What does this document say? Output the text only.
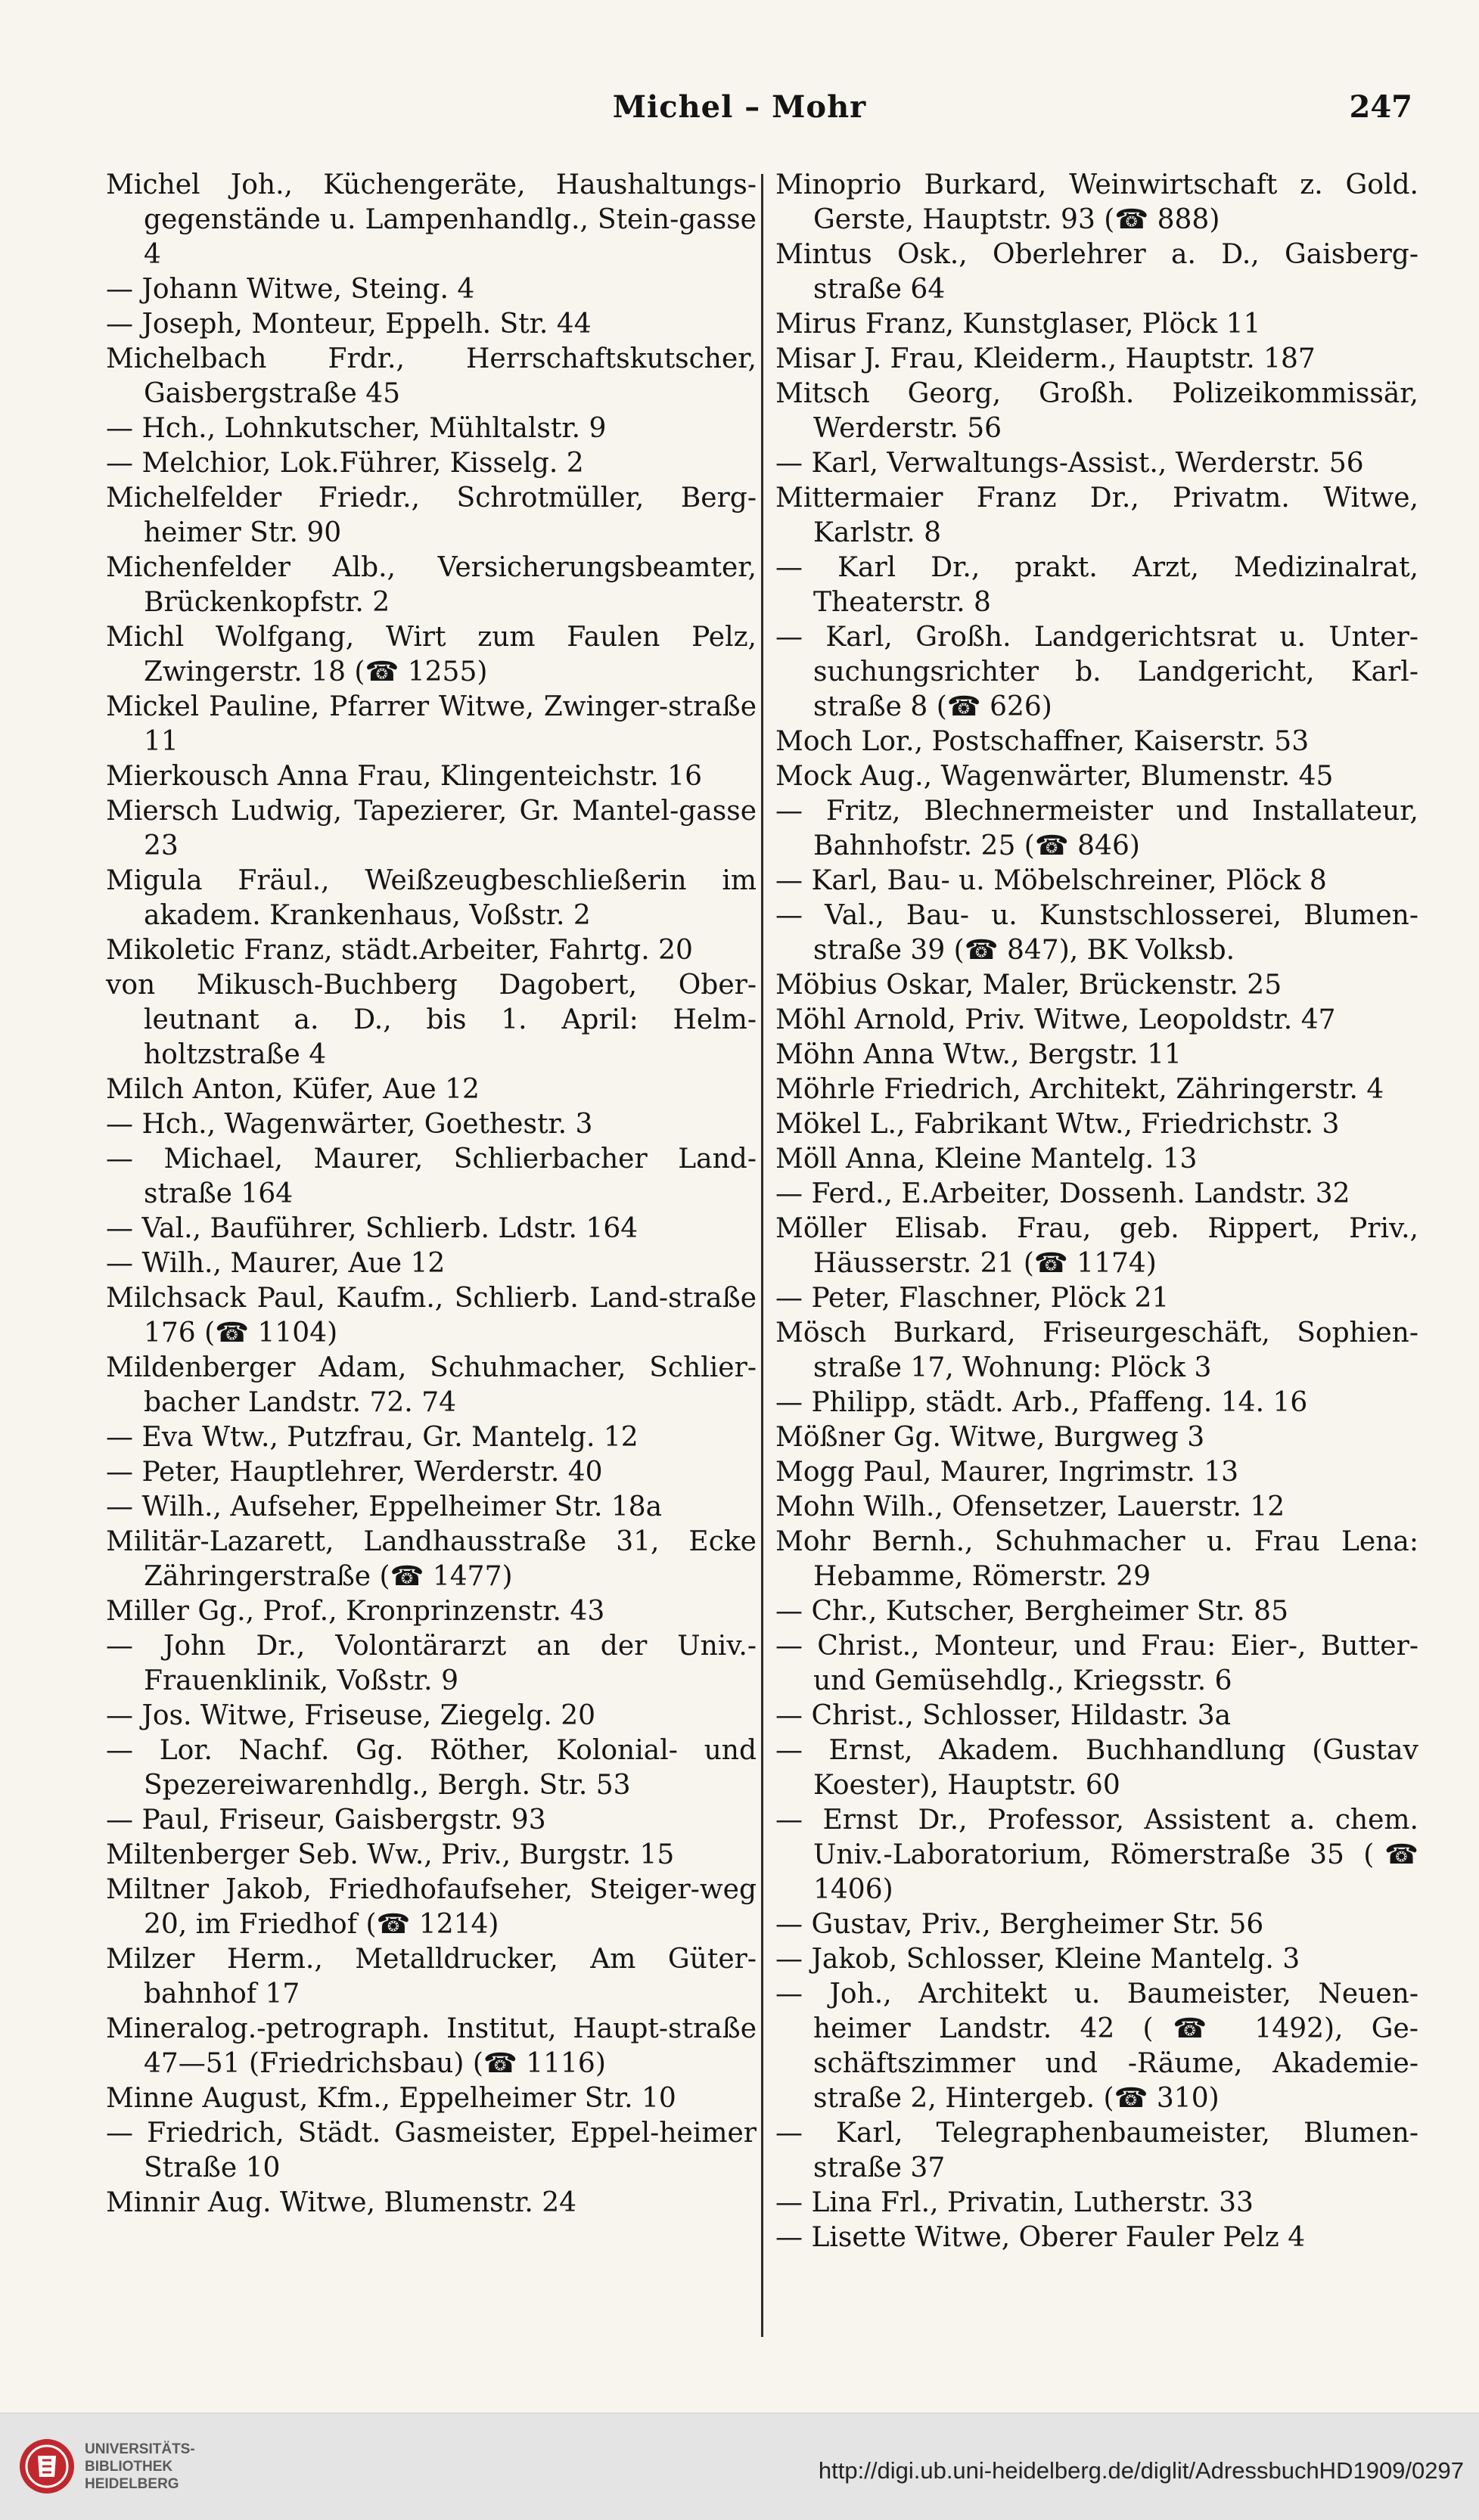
Michel – Mohr	247

Michel Joh., Küchengeräte, Haushaltungs-gegenstände u. Lampenhandlg., Stein-gasse 4

— Johann Witwe, Steing. 4

— Joseph, Monteur, Eppelh. Str. 44

Michelbach Frdr., Herrschaftskutscher, Gaisbergstraße 45

— Hch., Lohnkutscher, Mühltalstr. 9

— Melchior, Lok.Führer, Kisselg. 2

Michelfelder Friedr., Schrotmüller, Berg-heimer Str. 90

Michenfelder Alb., Versicherungsbeamter, Brückenkopfstr. 2

Michl Wolfgang, Wirt zum Faulen Pelz, Zwingerstr. 18 (☎ 1255)

Mickel Pauline, Pfarrer Witwe, Zwinger-straße 11

Mierkousch Anna Frau, Klingenteichstr. 16

Miersch Ludwig, Tapezierer, Gr. Mantel-gasse 23

Migula Fräul., Weißzeugbeschließerin im akadem. Krankenhaus, Voßstr. 2

Mikoletic Franz, städt.Arbeiter, Fahrtg. 20

von Mikusch-Buchberg Dagobert, Ober-leutnant a. D., bis 1. April: Helm-holtzstraße 4

Milch Anton, Küfer, Aue 12

— Hch., Wagenwärter, Goethestr. 3

— Michael, Maurer, Schlierbacher Land-straße 164

— Val., Bauführer, Schlierb. Ldstr. 164

— Wilh., Maurer, Aue 12

Milchsack Paul, Kaufm., Schlierb. Land-straße 176 (☎ 1104)

Mildenberger Adam, Schuhmacher, Schlier-bacher Landstr. 72. 74

— Eva Wtw., Putzfrau, Gr. Mantelg. 12

— Peter, Hauptlehrer, Werderstr. 40

— Wilh., Aufseher, Eppelheimer Str. 18a

Militär-Lazarett, Landhausstraße 31, Ecke Zähringerstraße (☎ 1477)

Miller Gg., Prof., Kronprinzenstr. 43

— John Dr., Volontärarzt an der Univ.-Frauenklinik, Voßstr. 9

— Jos. Witwe, Friseuse, Ziegelg. 20

— Lor. Nachf. Gg. Röther, Kolonial- und Spezereiwarenhdlg., Bergh. Str. 53

— Paul, Friseur, Gaisbergstr. 93

Miltenberger Seb. Ww., Priv., Burgstr. 15

Miltner Jakob, Friedhofaufseher, Steiger-weg 20, im Friedhof (☎ 1214)

Milzer Herm., Metalldrucker, Am Güter-bahnhof 17

Mineralog.-petrograph. Institut, Haupt-straße 47—51 (Friedrichsbau) (☎ 1116)

Minne August, Kfm., Eppelheimer Str. 10

— Friedrich, Städt. Gasmeister, Eppel-heimer Straße 10

Minnir Aug. Witwe, Blumenstr. 24

Minoprio Burkard, Weinwirtschaft z. Gold. Gerste, Hauptstr. 93 (☎ 888)

Mintus Osk., Oberlehrer a. D., Gaisberg-straße 64

Mirus Franz, Kunstglaser, Plöck 11

Misar J. Frau, Kleiderm., Hauptstr. 187

Mitsch Georg, Großh. Polizeikommissär, Werderstr. 56

— Karl, Verwaltungs-Assist., Werderstr. 56

Mittermaier Franz Dr., Privatm. Witwe, Karlstr. 8

— Karl Dr., prakt. Arzt, Medizinalrat, Theaterstr. 8

— Karl, Großh. Landgerichtsrat u. Unter-suchungsrichter b. Landgericht, Karl-straße 8 (☎ 626)

Moch Lor., Postschaffner, Kaiserstr. 53

Mock Aug., Wagenwärter, Blumenstr. 45

— Fritz, Blechnermeister und Installateur, Bahnhofstr. 25 (☎ 846)

— Karl, Bau- u. Möbelschreiner, Plöck 8

— Val., Bau- u. Kunstschlosserei, Blumen-straße 39 (☎ 847), BK Volksb.

Möbius Oskar, Maler, Brückenstr. 25

Möhl Arnold, Priv. Witwe, Leopoldstr. 47

Möhn Anna Wtw., Bergstr. 11

Möhrle Friedrich, Architekt, Zähringerstr. 4

Mökel L., Fabrikant Wtw., Friedrichstr. 3

Möll Anna, Kleine Mantelg. 13

— Ferd., E.Arbeiter, Dossenh. Landstr. 32

Möller Elisab. Frau, geb. Rippert, Priv., Häusserstr. 21 (☎ 1174)

— Peter, Flaschner, Plöck 21

Mösch Burkard, Friseurgeschäft, Sophien-straße 17, Wohnung: Plöck 3

— Philipp, städt. Arb., Pfaffeng. 14. 16

Mößner Gg. Witwe, Burgweg 3

Mogg Paul, Maurer, Ingrimstr. 13

Mohn Wilh., Ofensetzer, Lauerstr. 12

Mohr Bernh., Schuhmacher u. Frau Lena: Hebamme, Römerstr. 29

— Chr., Kutscher, Bergheimer Str. 85

— Christ., Monteur, und Frau: Eier-, Butter- und Gemüsehdlg., Kriegsstr. 6

— Christ., Schlosser, Hildastr. 3a

— Ernst, Akadem. Buchhandlung (Gustav Koester), Hauptstr. 60

— Ernst Dr., Professor, Assistent a. chem. Univ.-Laboratorium, Römerstraße 35 (☎ 1406)

— Gustav, Priv., Bergheimer Str. 56

— Jakob, Schlosser, Kleine Mantelg. 3

— Joh., Architekt u. Baumeister, Neuen-heimer Landstr. 42 (☎ 1492), Ge-schäftszimmer und -Räume, Akademie-straße 2, Hintergeb. (☎ 310)

— Karl, Telegraphenbaumeister, Blumen-straße 37

— Lina Frl., Privatin, Lutherstr. 33

— Lisette Witwe, Oberer Fauler Pelz 4

UNIVERSITÄTS-
BIBLIOTHEK
HEIDELBERG
http://digi.ub.uni-heidelberg.de/diglit/AdressbuchHD1909/0297
